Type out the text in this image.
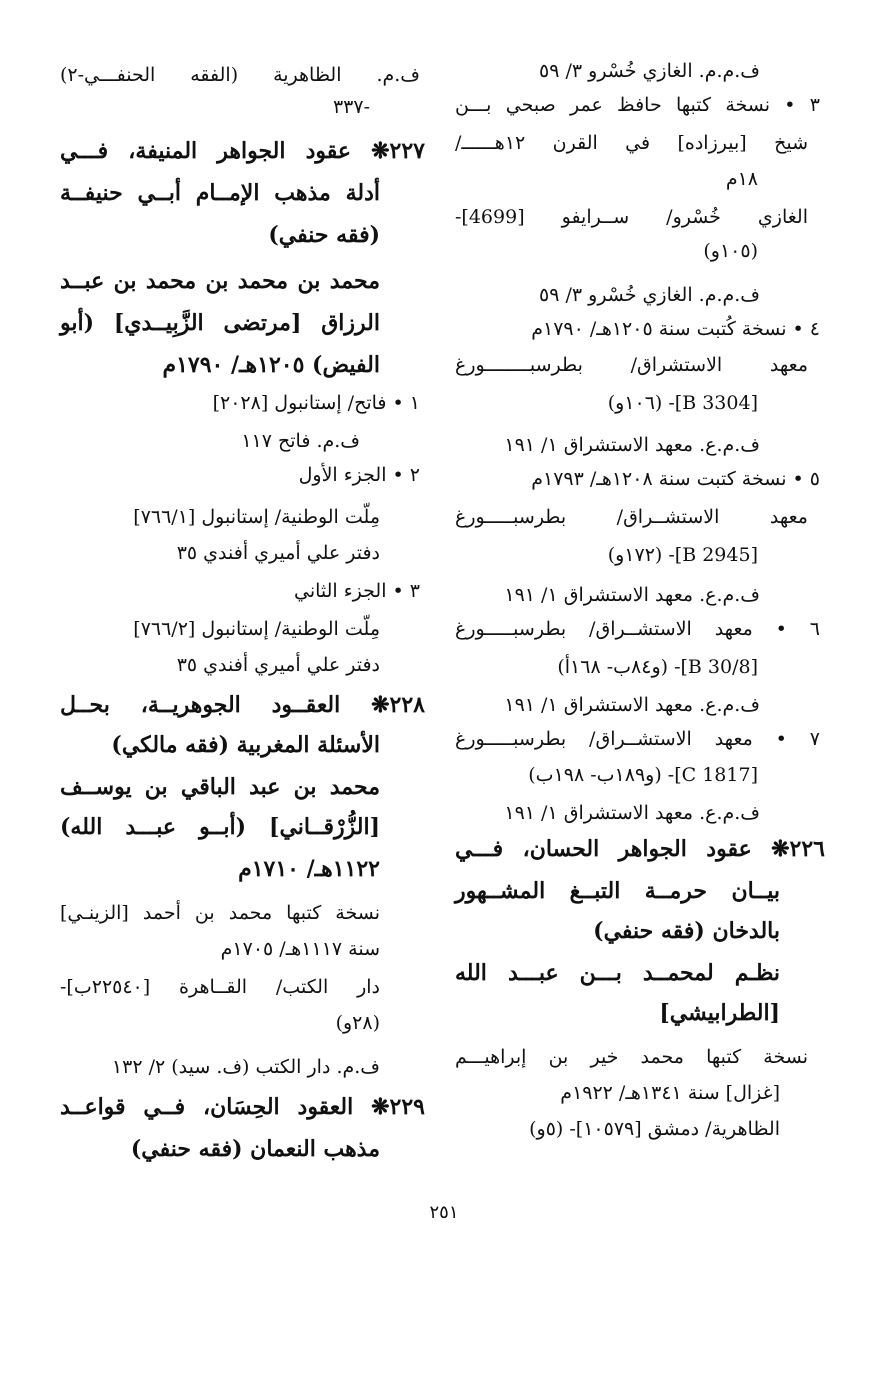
ف.م.م. الغازي خُسْرو ٣/ ٥٩
٣ • نسخة كتبها حافظ عمر صبحي بـــن
شيخ [بيرزاده] في القرن ١٢هــــــ/
١٨م
الغازي خُسْرو/ ســرايفو [4699]-
(١٠٥و)
ف.م.م. الغازي خُسْرو ٣/ ٥٩
٤ • نسخة كُتبت سنة ١٢٠٥هـ/ ١٧٩٠م
معهد الاستشراق/ بطرسبــــــــورغ
[B 3304]- (١٠٦و)
ف.م.ع. معهد الاستشراق ١/ ١٩١
٥ • نسخة كتبت سنة ١٢٠٨هـ/ ١٧٩٣م
معهد الاستشــراق/ بطرسبـــــورغ
[B 2945]- (١٧٢و)
ف.م.ع. معهد الاستشراق ١/ ١٩١
٦ • معهد الاستشــراق/ بطرسبـــــورغ
[B 30/8]- (و٨٤ب- ١٦٨أ)
ف.م.ع. معهد الاستشراق ١/ ١٩١
٧ • معهد الاستشــراق/ بطرسبـــــورغ
[C 1817]- (و١٨٩ب- ١٩٨ب)
ف.م.ع. معهد الاستشراق ١/ ١٩١
٢٢٦❋ عقود الجواهر الحسان، فـــي
بيــان حرمــة التبــغ المشــهور
بالدخان (فقه حنفي)
نظـم لمحمــد بـــن عبـــد الله
[الطرابيشي]
نسخة كتبها محمد خير بن إبراهيـــم
[غزال] سنة ١٣٤١هـ/ ١٩٢٢م
الظاهرية/ دمشق [١٠٥٧٩]- (٥و)
ف.م. الظاهرية (الفقه الحنفـــي-٢)
-٣٣٧
٢٢٧❋ عقود الجواهر المنيفة، فـــي
أدلة مذهب الإمــام أبــي حنيفــة
(فقه حنفي)
محمد بن محمد بن محمد بن عبــد
الرزاق [مرتضى الزَّبِيــدي] (أبو
الفيض) ١٢٠٥هـ/ ١٧٩٠م
١ • فاتح/ إستانبول [٢٠٢٨]
ف.م. فاتح ١١٧
٢ • الجزء الأول
مِلّت الوطنية/ إستانبول [٧٦٦/١]
دفتر علي أميري أفندي ٣٥
٣ • الجزء الثاني
مِلّت الوطنية/ إستانبول [٧٦٦/٢]
دفتر علي أميري أفندي ٣٥
٢٢٨❋ العقــود الجوهريــة، بحــل
الأسئلة المغربية (فقه مالكي)
محمد بن عبد الباقي بن يوســف
[الزُّرْقــاني] (أبــو عبـــد الله)
١١٢٢هـ/ ١٧١٠م
نسخة كتبها محمد بن أحمد [الزينـي]
سنة ١١١٧هـ/ ١٧٠٥م
دار الكتب/ القــاهرة [٢٢٥٤٠ب]-
(٢٨و)
ف.م. دار الكتب (ف. سيد) ٢/ ١٣٢
٢٢٩❋ العقود الحِسَان، فــي قواعــد
مذهب النعمان (فقه حنفي)
٢٥١
